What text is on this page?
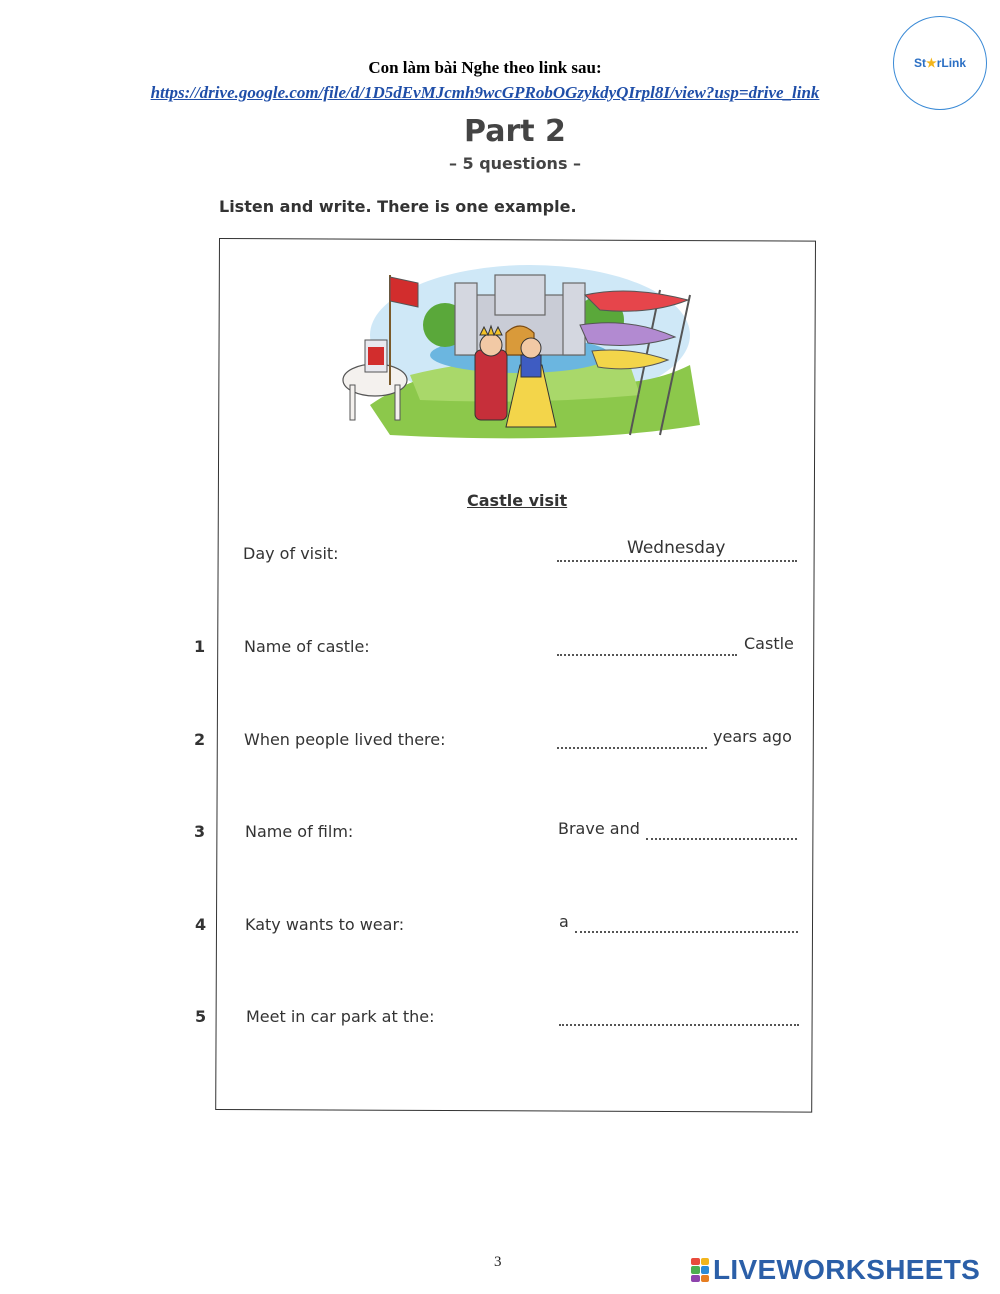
Con làm bài Nghe theo link sau:
https://drive.google.com/file/d/1D5dEvMJcmh9wcGPRobOGzykdyQIrpl8I/view?usp=drive_link
St★rLink
Part 2
– 5 questions –
Listen and write. There is one example.
Castle visit
Day of visit:	Wednesday
1 Name of castle:	Castle
2 When people lived there:	years ago
3 Name of film:	Brave and
4 Katy wants to wear:	a
5 Meet in car park at the:
3	LIVEWORKSHEETS
